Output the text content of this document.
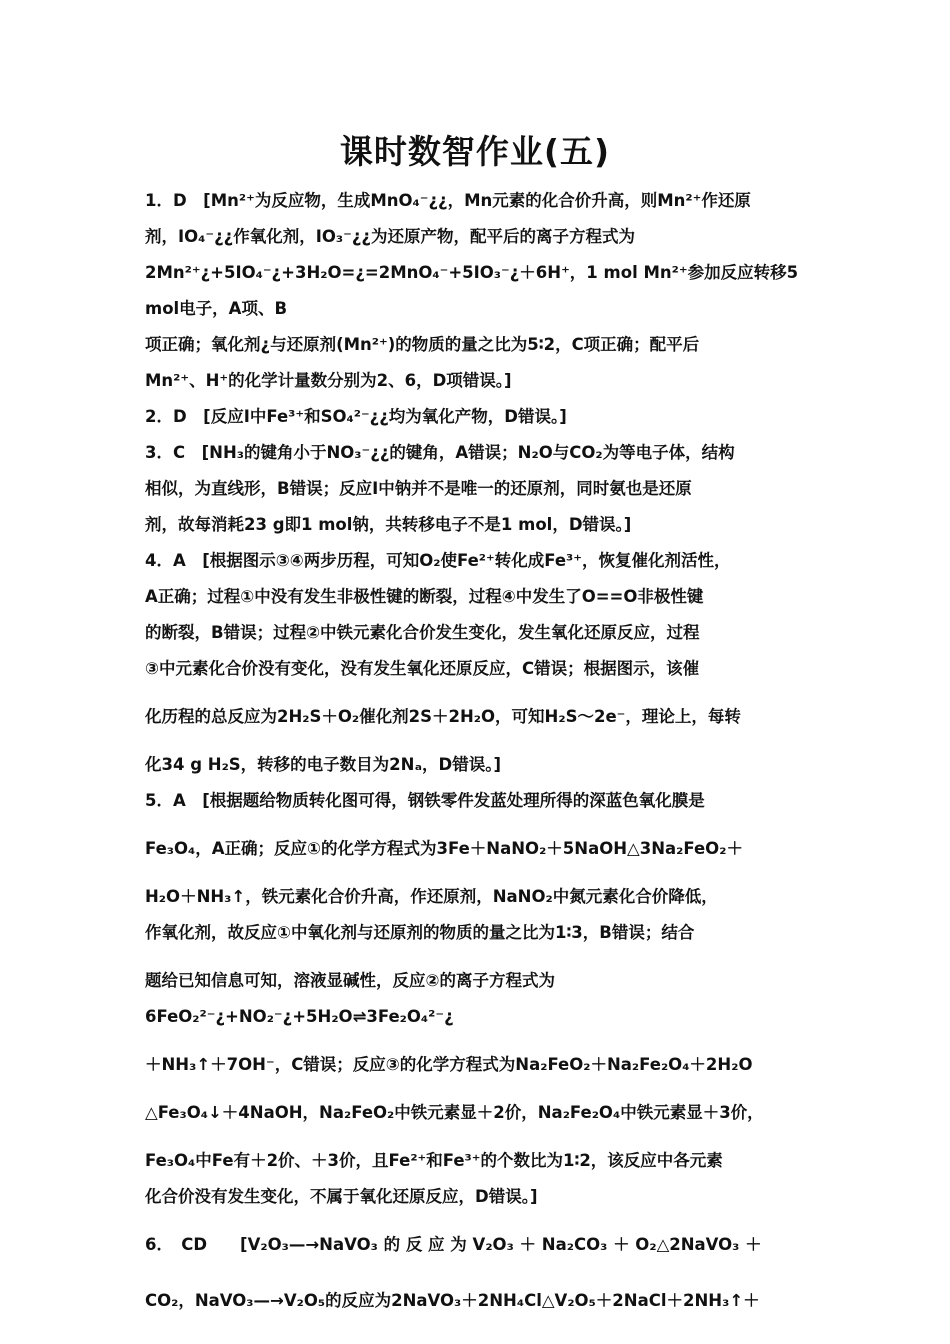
课时数智作业(五)

1．D　[Mn²⁺为反应物，生成MnO₄⁻¿¿，Mn元素的化合价升高，则Mn²⁺作还原

剂，IO₄⁻¿¿作氧化剂，IO₃⁻¿¿为还原产物，配平后的离子方程式为

2Mn²⁺¿+5IO₄⁻¿+3H₂O=¿=2MnO₄⁻+5IO₃⁻¿＋6H⁺，1 mol Mn²⁺参加反应转移5 mol电子，A项、B

项正确；氧化剂¿与还原剂(Mn²⁺)的物质的量之比为5∶2，C项正确；配平后

Mn²⁺、H⁺的化学计量数分别为2、6，D项错误。]

2．D　[反应Ⅰ中Fe³⁺和SO₄²⁻¿¿均为氧化产物，D错误。]

3．C　[NH₃的键角小于NO₃⁻¿¿的键角，A错误；N₂O与CO₂为等电子体，结构

相似，为直线形，B错误；反应Ⅰ中钠并不是唯一的还原剂，同时氨也是还原

剂，故每消耗23 g即1 mol钠，共转移电子不是1 mol，D错误。]

4．A　[根据图示③④两步历程，可知O₂使Fe²⁺转化成Fe³⁺，恢复催化剂活性，

A正确；过程①中没有发生非极性键的断裂，过程④中发生了O==O非极性键

的断裂，B错误；过程②中铁元素化合价发生变化，发生氧化还原反应，过程

③中元素化合价没有变化，没有发生氧化还原反应，C错误；根据图示，该催

化历程的总反应为2H₂S＋O₂催化剂2S＋2H₂O，可知H₂S～2e⁻，理论上，每转

化34 g H₂S，转移的电子数目为2Nₐ，D错误。]

5．A　[根据题给物质转化图可得，钢铁零件发蓝处理所得的深蓝色氧化膜是

Fe₃O₄，A正确；反应①的化学方程式为3Fe＋NaNO₂＋5NaOH△3Na₂FeO₂＋

H₂O＋NH₃↑，铁元素化合价升高，作还原剂，NaNO₂中氮元素化合价降低，

作氧化剂，故反应①中氧化剂与还原剂的物质的量之比为1∶3，B错误；结合

题给已知信息可知，溶液显碱性，反应②的离子方程式为6FeO₂²⁻¿+NO₂⁻¿+5H₂O⇌3Fe₂O₄²⁻¿

＋NH₃↑＋7OH⁻，C错误；反应③的化学方程式为Na₂FeO₂＋Na₂Fe₂O₄＋2H₂O

△Fe₃O₄↓＋4NaOH，Na₂FeO₂中铁元素显＋2价，Na₂Fe₂O₄中铁元素显＋3价，

Fe₃O₄中Fe有＋2价、＋3价，且Fe²⁺和Fe³⁺的个数比为1∶2，该反应中各元素

化合价没有发生变化，不属于氧化还原反应，D错误。]

6．　CD　　[V₂O₃—→NaVO₃ 的 反 应 为 V₂O₃ ＋ Na₂CO₃ ＋ O₂△2NaVO₃ ＋

CO₂，NaVO₃—→V₂O₅的反应为2NaVO₃＋2NH₄Cl△V₂O₅＋2NaCl＋2NH₃↑＋
